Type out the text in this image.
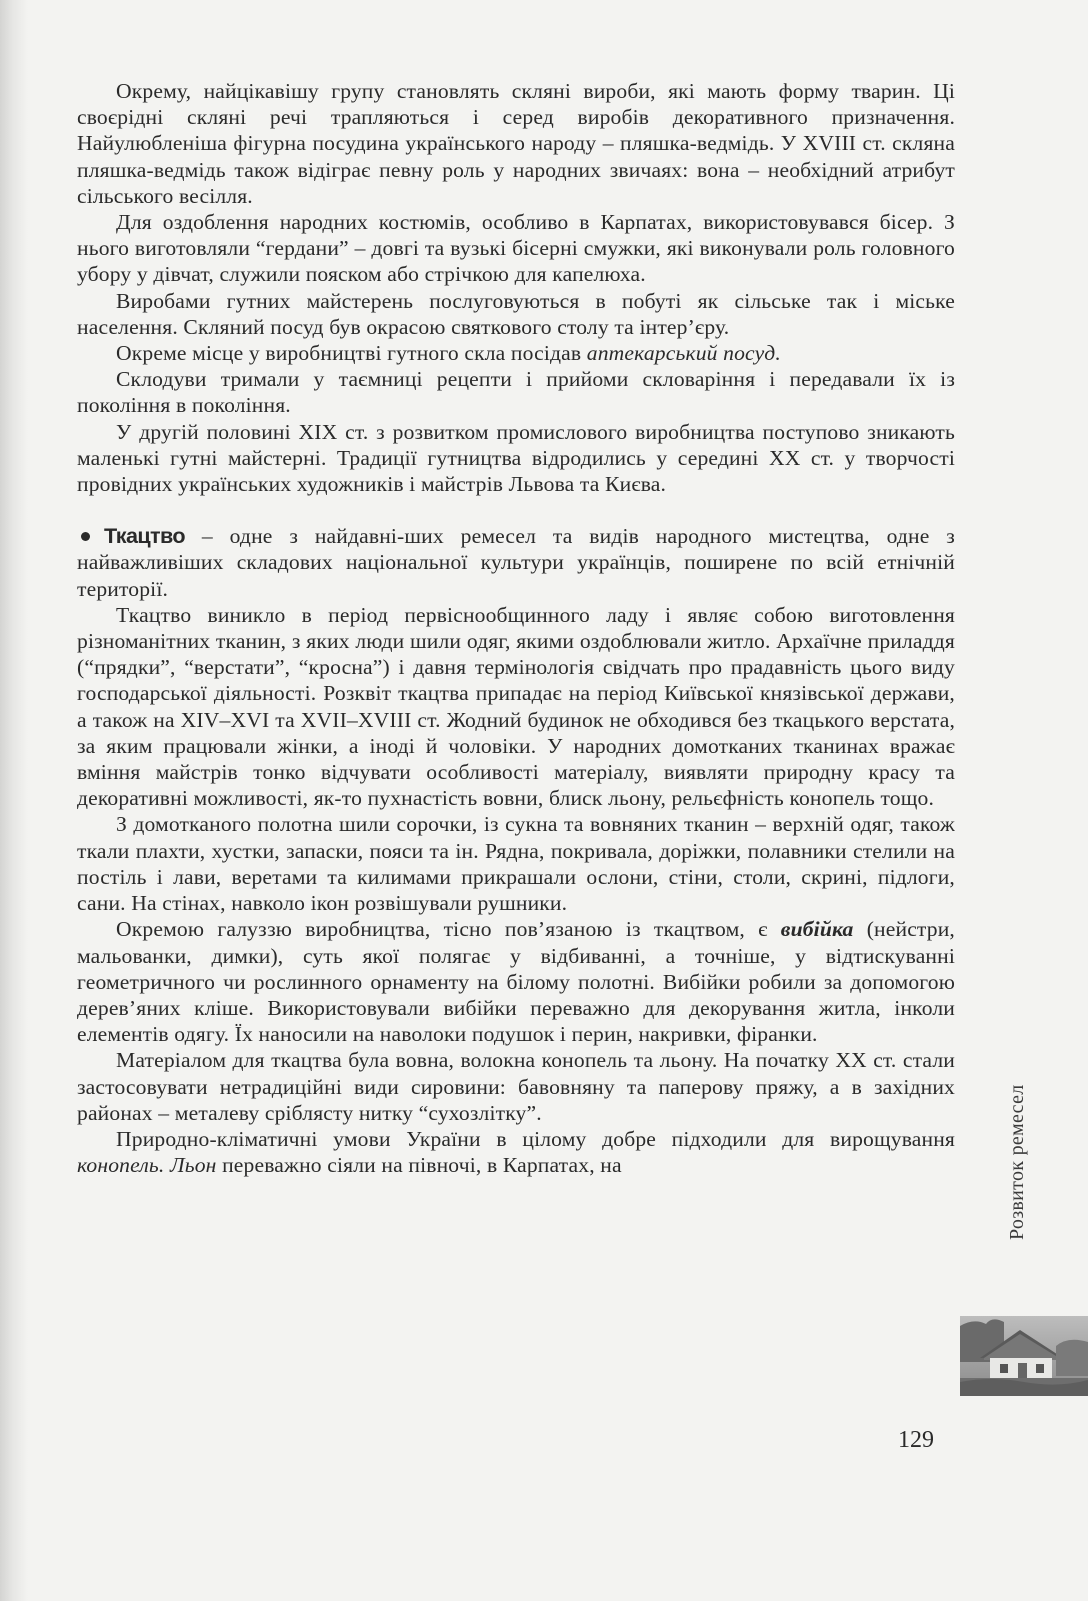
Окрему, найцікавішу групу становлять скляні вироби, які мають форму тварин. Ці своєрідні скляні речі трапляються і серед виробів декоративного призначення. Найулюбленіша фігурна посудина українського народу – пляшка-ведмідь. У XVIII ст. скляна пляшка-ведмідь також відіграє певну роль у народних звичаях: вона – необхідний атрибут сільського весілля.

Для оздоблення народних костюмів, особливо в Карпатах, використовувався бісер. З нього виготовляли “гердани” – довгі та вузькі бісерні смужки, які виконували роль головного убору у дівчат, служили пояском або стрічкою для капелюха.

Виробами гутних майстерень послуговуються в побуті як сільське так і міське населення. Скляний посуд був окрасою святкового столу та інтер’єру.

Окреме місце у виробництві гутного скла посідав аптекарський посуд.

Склодуви тримали у таємниці рецепти і прийоми скловаріння і передавали їх із покоління в покоління.

У другій половині XIX ст. з розвитком промислового виробництва поступово зникають маленькі гутні майстерні. Традиції гутництва відродились у середині XX ст. у творчості провідних українських художників і майстрів Львова та Києва.

Ткацтво – одне з найдавні-ших ремесел та видів народного мистецтва, одне з найважливіших складових національної культури українців, поширене по всій етнічній території.

Ткацтво виникло в період первіснообщинного ладу і являє собою виготовлення різноманітних тканин, з яких люди шили одяг, якими оздоблювали житло. Архаїчне приладдя (“прядки”, “верстати”, “кросна”) і давня термінологія свідчать про прадавність цього виду господарської діяльності. Розквіт ткацтва припадає на період Київської князівської держави, а також на XIV–XVI та XVII–XVIII ст. Жодний будинок не обходився без ткацького верстата, за яким працювали жінки, а іноді й чоловіки. У народних домотканих тканинах вражає вміння майстрів тонко відчувати особливості матеріалу, виявляти природну красу та декоративні можливості, як-то пухнастість вовни, блиск льону, рельєфність конопель тощо.

З домотканого полотна шили сорочки, із сукна та вовняних тканин – верхній одяг, також ткали плахти, хустки, запаски, пояси та ін. Рядна, покривала, доріжки, полавники стелили на постіль і лави, веретами та килимами прикрашали ослони, стіни, столи, скрині, підлоги, сани. На стінах, навколо ікон розвішували рушники.

Окремою галуззю виробництва, тісно пов’язаною із ткацтвом, є вибійка (нейстри, мальованки, димки), суть якої полягає у відбиванні, а точніше, у відтискуванні геометричного чи рослинного орнаменту на білому полотні. Вибійки робили за допомогою дерев’яних кліше. Використовували вибійки переважно для декорування житла, інколи елементів одягу. Їх наносили на наволоки подушок і перин, накривки, фіранки.

Матеріалом для ткацтва була вовна, волокна конопель та льону. На початку XX ст. стали застосовувати нетрадиційні види сировини: бавовняну та паперову пряжу, а в західних районах – металеву сріблясту нитку “сухозлітку”.

Природно-кліматичні умови України в цілому добре підходили для вирощування конопель. Льон переважно сіяли на півночі, в Карпатах, на	Розвиток ремесел
129
